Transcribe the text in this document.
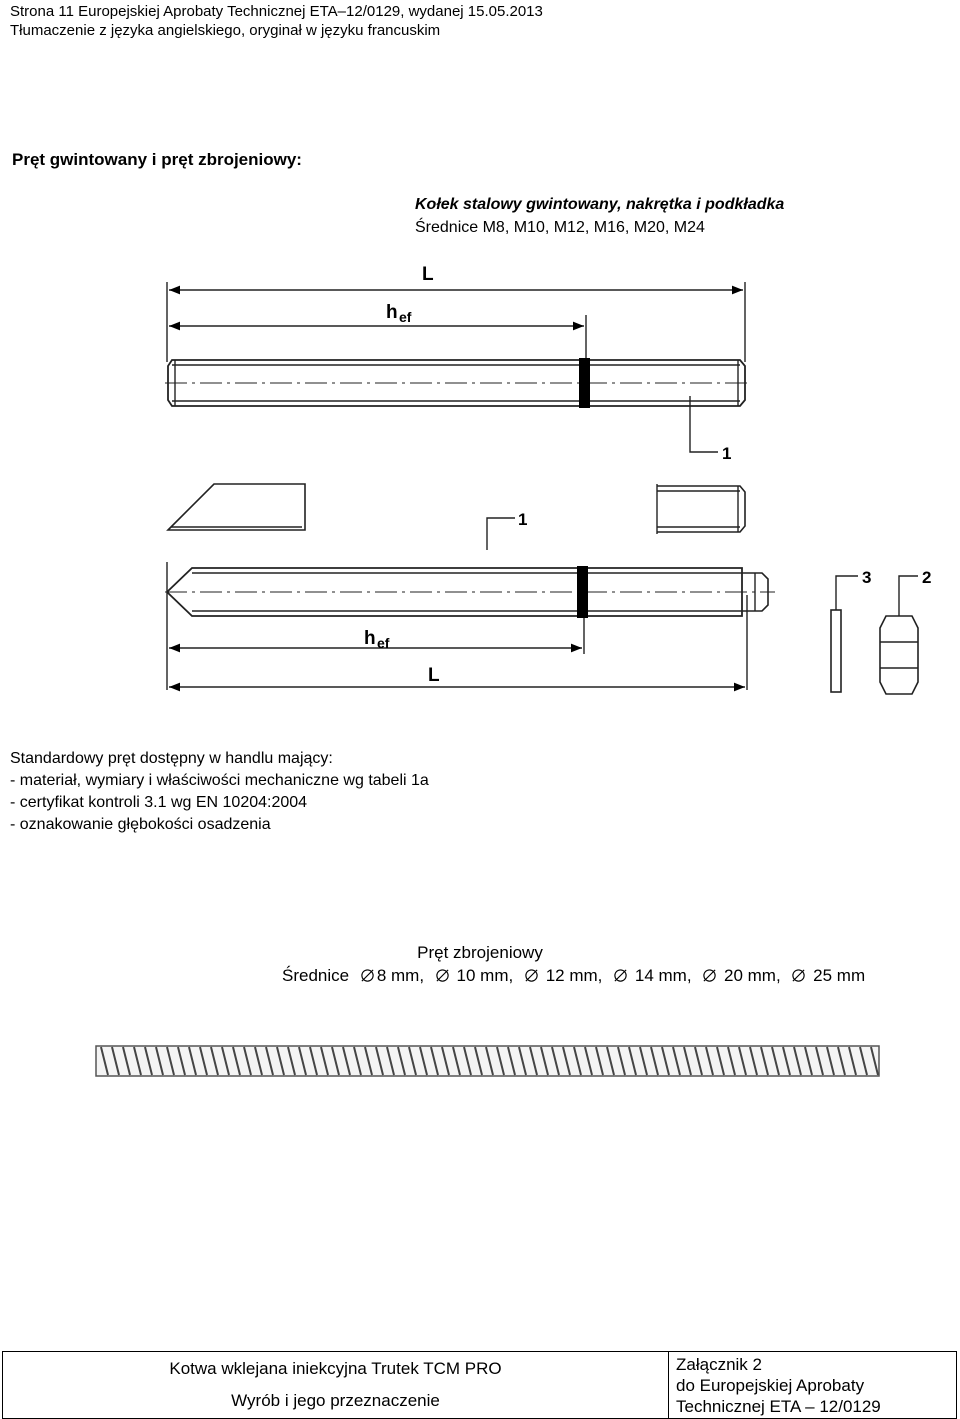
Strona 11 Europejskiej Aprobaty Technicznej ETA–12/0129, wydanej 15.05.2013
Tłumaczenie z języka angielskiego, oryginał w języku francuskim
Pręt gwintowany i pręt zbrojeniowy:
Kołek stalowy gwintowany, nakrętka i podkładka
Średnice M8, M10, M12, M16, M20, M24
L
h ef
1
1
h ef
L
3	2
Standardowy pręt dostępny w handlu mający:
- materiał, wymiary i właściwości mechaniczne wg tabeli 1a
- certyfikat kontroli 3.1 wg EN 10204:2004
- oznakowanie głębokości osadzenia
Pręt zbrojeniowy
Średnice 8 mm, 10 mm, 12 mm, 14 mm, 20 mm, 25 mm
Kotwa wklejana iniekcyjna Trutek TCM PRO
Wyrób i jego przeznaczenie

Załącznik 2
do Europejskiej Aprobaty
Technicznej ETA – 12/0129
